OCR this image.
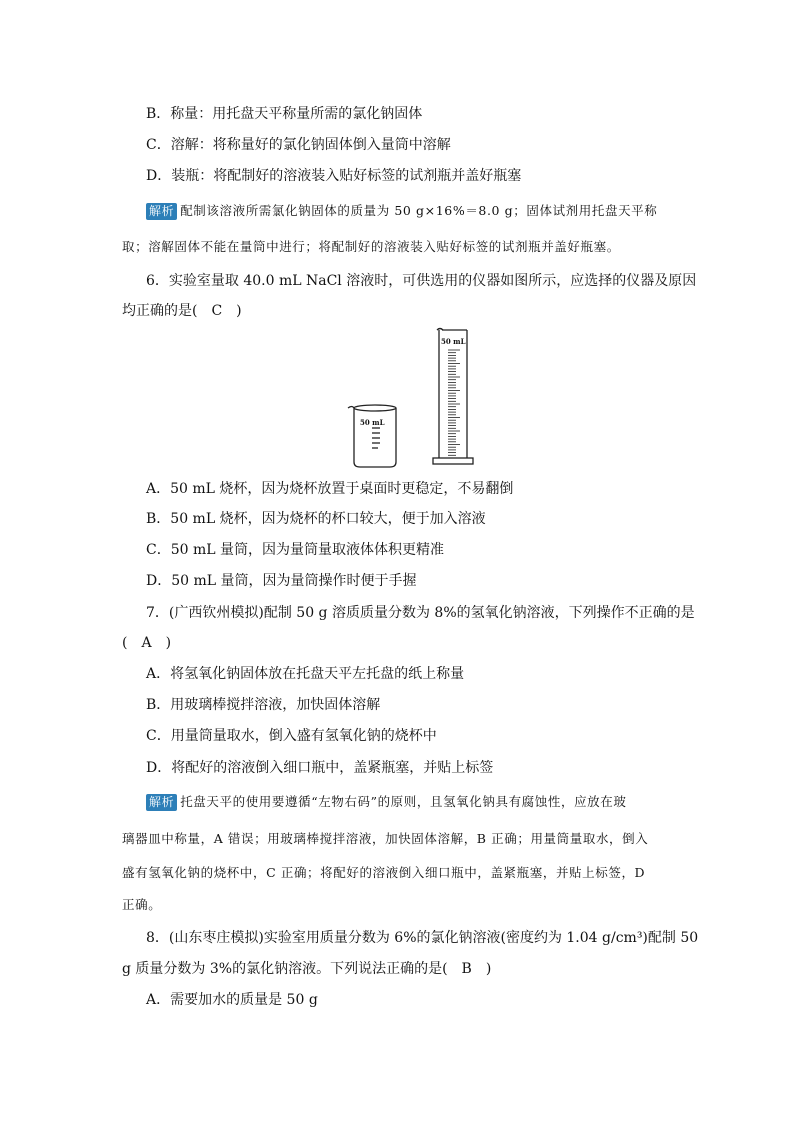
B．称量：用托盘天平称量所需的氯化钠固体
C．溶解：将称量好的氯化钠固体倒入量筒中溶解
D．装瓶：将配制好的溶液装入贴好标签的试剂瓶并盖好瓶塞
解析 配制该溶液所需氯化钠固体的质量为 50 g×16%＝8.0 g；固体试剂用托盘天平称
取；溶解固体不能在量筒中进行；将配制好的溶液装入贴好标签的试剂瓶并盖好瓶塞。
6．实验室量取 40.0 mL NaCl 溶液时，可供选用的仪器如图所示，应选择的仪器及原因
均正确的是(　C　)
50 mL
50 mL
A．50 mL 烧杯，因为烧杯放置于桌面时更稳定，不易翻倒
B．50 mL 烧杯，因为烧杯的杯口较大，便于加入溶液
C．50 mL 量筒，因为量筒量取液体体积更精准
D．50 mL 量筒，因为量筒操作时便于手握
7．(广西钦州模拟)配制 50 g 溶质质量分数为 8%的氢氧化钠溶液，下列操作不正确的是
(　A　)
A．将氢氧化钠固体放在托盘天平左托盘的纸上称量
B．用玻璃棒搅拌溶液，加快固体溶解
C．用量筒量取水，倒入盛有氢氧化钠的烧杯中
D．将配好的溶液倒入细口瓶中，盖紧瓶塞，并贴上标签
解析 托盘天平的使用要遵循“左物右码”的原则，且氢氧化钠具有腐蚀性，应放在玻
璃器皿中称量，A 错误；用玻璃棒搅拌溶液，加快固体溶解，B 正确；用量筒量取水，倒入
盛有氢氧化钠的烧杯中，C 正确；将配好的溶液倒入细口瓶中，盖紧瓶塞，并贴上标签，D
正确。
8．(山东枣庄模拟)实验室用质量分数为 6%的氯化钠溶液(密度约为 1.04 g/cm³)配制 50
g 质量分数为 3%的氯化钠溶液。下列说法正确的是(　B　)
A．需要加水的质量是 50 g
